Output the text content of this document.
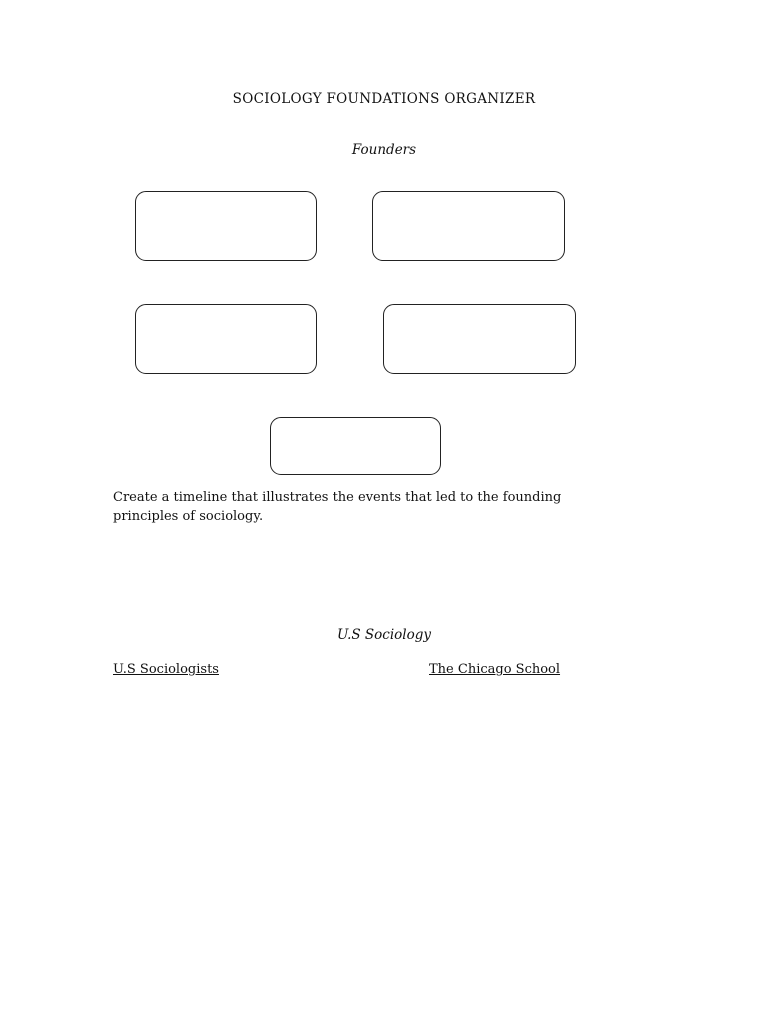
SOCIOLOGY FOUNDATIONS ORGANIZER
Founders
Create a timeline that illustrates the events that led to the founding principles of sociology.
U.S Sociology
U.S Sociologists	The Chicago School
